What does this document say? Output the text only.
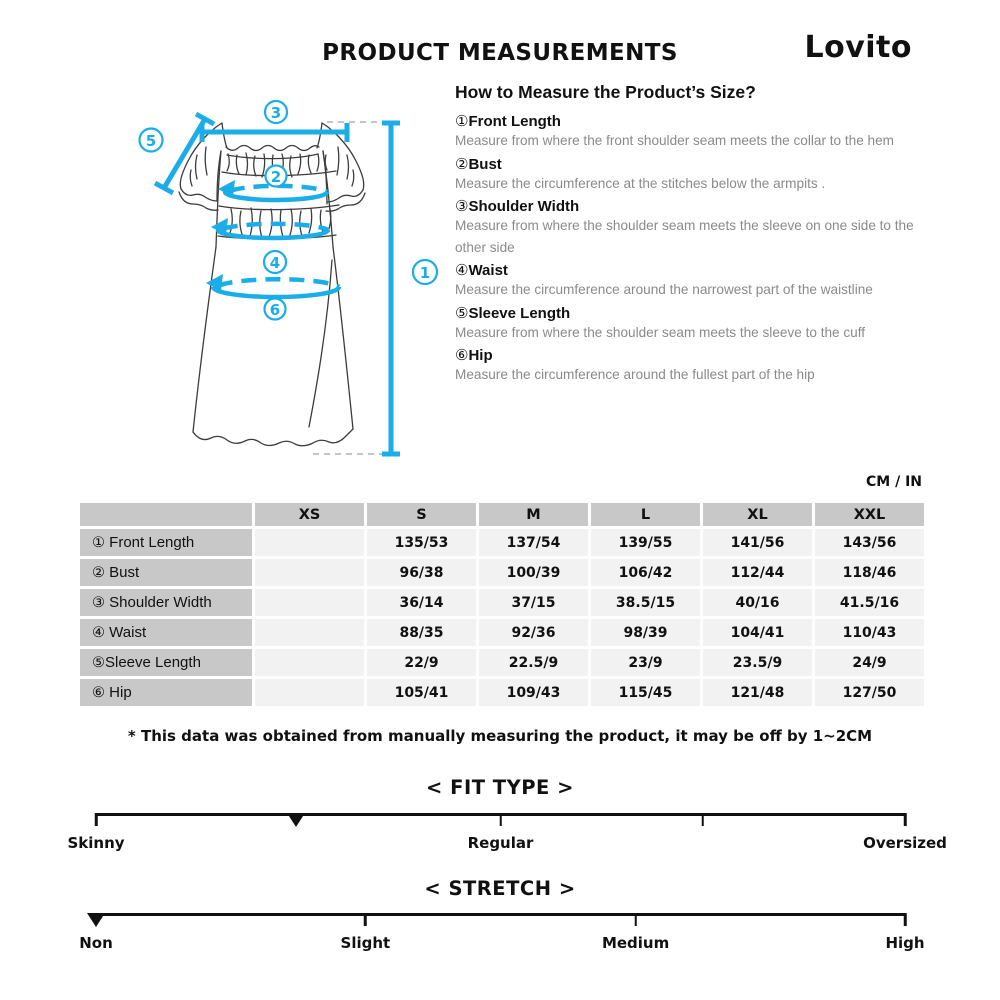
PRODUCT MEASUREMENTS	Lovito
1
2
3
4
5
6
How to Measure the Product’s Size?
①Front Length
Measure from where the front shoulder seam meets the collar to the hem
②Bust
Measure the circumference at the stitches below the armpits .
③Shoulder Width
Measure from where the shoulder seam meets the sleeve on one side to the other side
④Waist
Measure the circumference around the narrowest part of the waistline
⑤Sleeve Length
Measure from where the shoulder seam meets the sleeve to the cuff
⑥Hip
Measure the circumference around the fullest part of the hip
CM / IN
	XS	S	M	L	XL	XXL
① Front Length		135/53	137/54	139/55	141/56	143/56
② Bust		96/38	100/39	106/42	112/44	118/46
③ Shoulder Width		36/14	37/15	38.5/15	40/16	41.5/16
④ Waist		88/35	92/36	98/39	104/41	110/43
⑤Sleeve Length		22/9	22.5/9	23/9	23.5/9	24/9
⑥ Hip		105/41	109/43	115/45	121/48	127/50
* This data was obtained from manually measuring the product, it may be off by 1~2CM
< FIT TYPE >
Skinny	Regular	Oversized
< STRETCH >
Non	Slight	Medium	High
